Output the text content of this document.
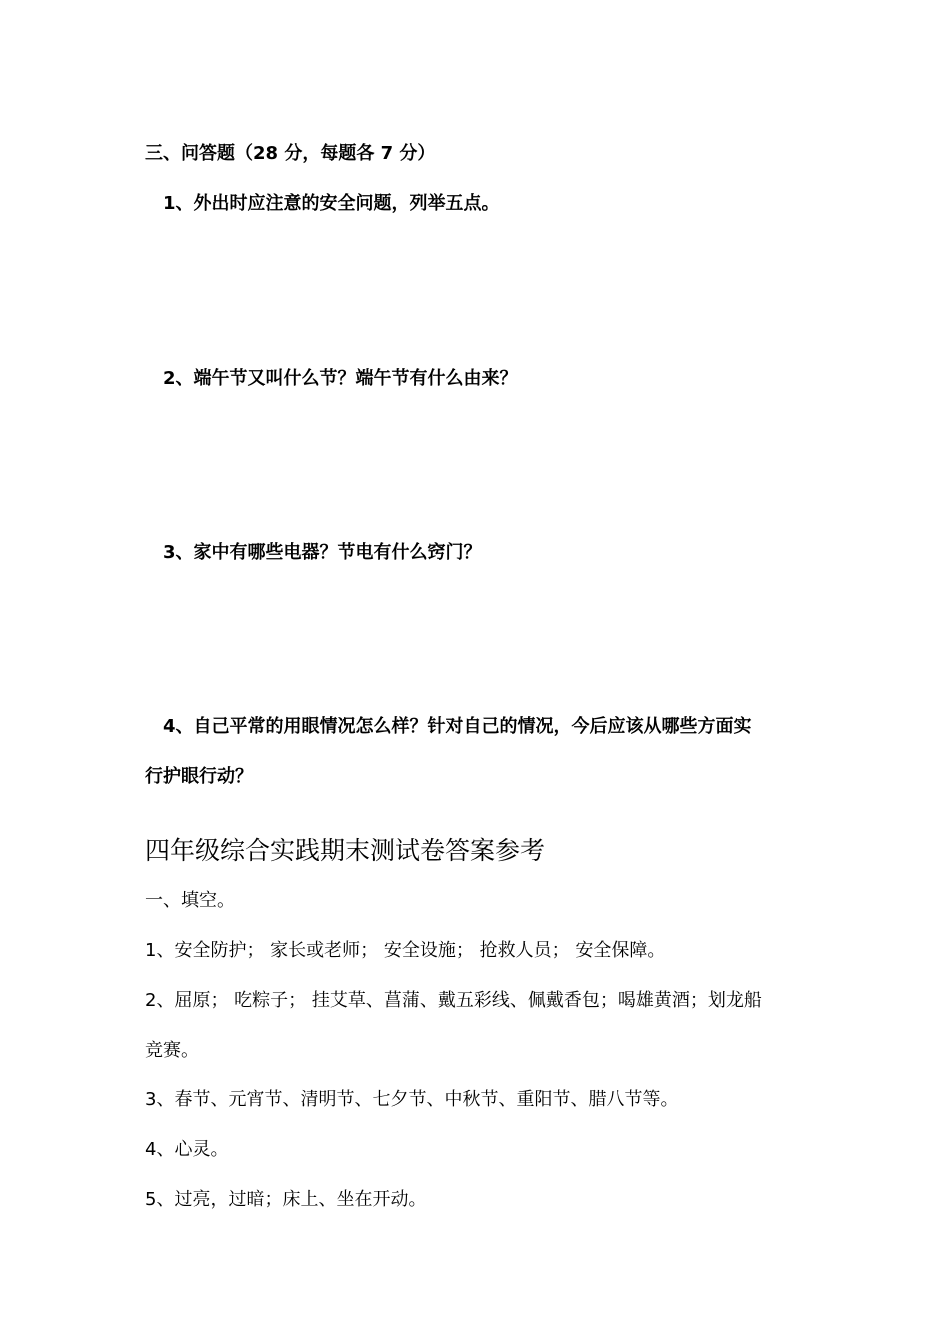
三、问答题（28 分，每题各 7 分）

1、外出时应注意的安全问题，列举五点。

2、端午节又叫什么节？端午节有什么由来？

3、家中有哪些电器？节电有什么窍门？

4、自己平常的用眼情况怎么样？针对自己的情况，今后应该从哪些方面实

行护眼行动？

四年级综合实践期末测试卷答案参考

一、填空。

1、安全防护； 家长或老师； 安全设施； 抢救人员； 安全保障。

2、屈原； 吃粽子； 挂艾草、菖蒲、戴五彩线、佩戴香包；喝雄黄酒；划龙船

竞赛。

3、春节、元宵节、清明节、七夕节、中秋节、重阳节、腊八节等。

4、心灵。

5、过亮，过暗；床上、坐在开动。
